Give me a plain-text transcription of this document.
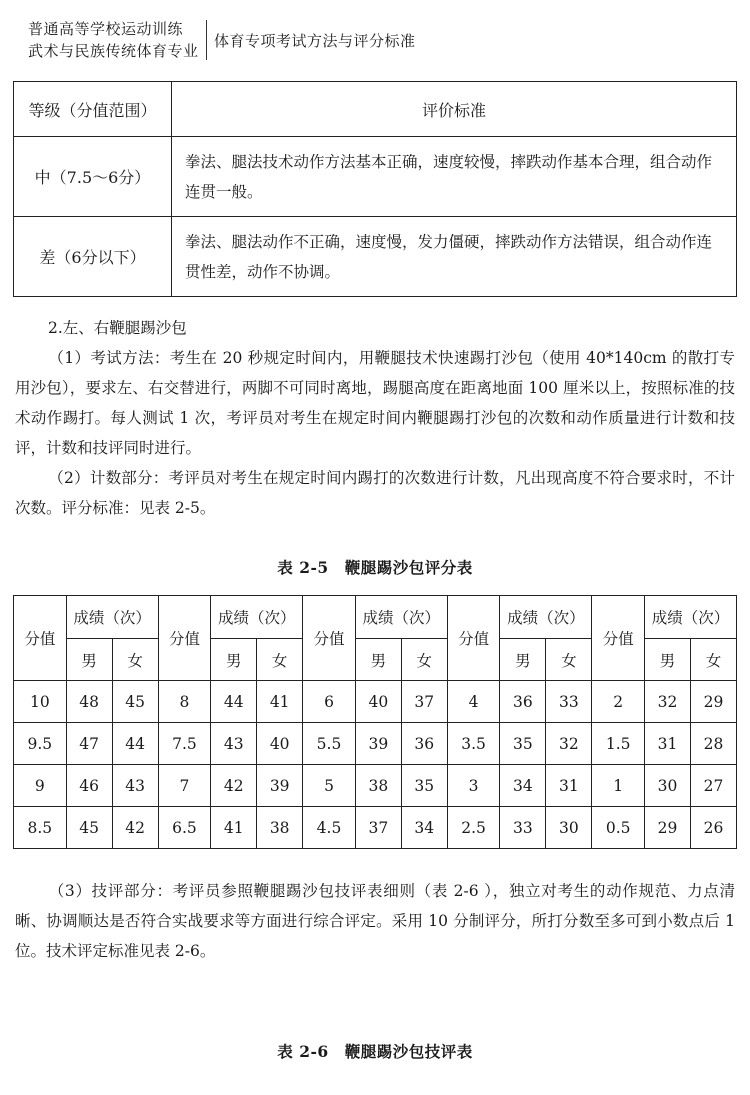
普通高等学校运动训练
武术与民族传统体育专业
体育专项考试方法与评分标准
等级（分值范围）	评价标准
中（7.5～6分）	拳法、腿法技术动作方法基本正确，速度较慢，摔跌动作基本合理，组合动作连贯一般。
差（6分以下）	拳法、腿法动作不正确，速度慢，发力僵硬，摔跌动作方法错误，组合动作连贯性差，动作不协调。
2.左、右鞭腿踢沙包
（1）考试方法：考生在 20 秒规定时间内，用鞭腿技术快速踢打沙包（使用 40*140cm 的散打专用沙包），要求左、右交替进行，两脚不可同时离地，踢腿高度在距离地面 100 厘米以上，按照标准的技术动作踢打。每人测试 1 次，考评员对考生在规定时间内鞭腿踢打沙包的次数和动作质量进行计数和技评，计数和技评同时进行。
（2）计数部分：考评员对考生在规定时间内踢打的次数进行计数，凡出现高度不符合要求时，不计次数。评分标准：见表 2-5。
表 2-5　鞭腿踢沙包评分表
分值	成绩（次）		分值	成绩（次）		分值	成绩（次）		分值	成绩（次）		分值	成绩（次）	
	男	女		男	女		男	女		男	女		男	女
10	48	45	8	44	41	6	40	37	4	36	33	2	32	29
9.5	47	44	7.5	43	40	5.5	39	36	3.5	35	32	1.5	31	28
9	46	43	7	42	39	5	38	35	3	34	31	1	30	27
8.5	45	42	6.5	41	38	4.5	37	34	2.5	33	30	0.5	29	26
（3）技评部分：考评员参照鞭腿踢沙包技评表细则（表 2-6 ），独立对考生的动作规范、力点清晰、协调顺达是否符合实战要求等方面进行综合评定。采用 10 分制评分，所打分数至多可到小数点后 1 位。技术评定标准见表 2-6。
表 2-6　鞭腿踢沙包技评表
